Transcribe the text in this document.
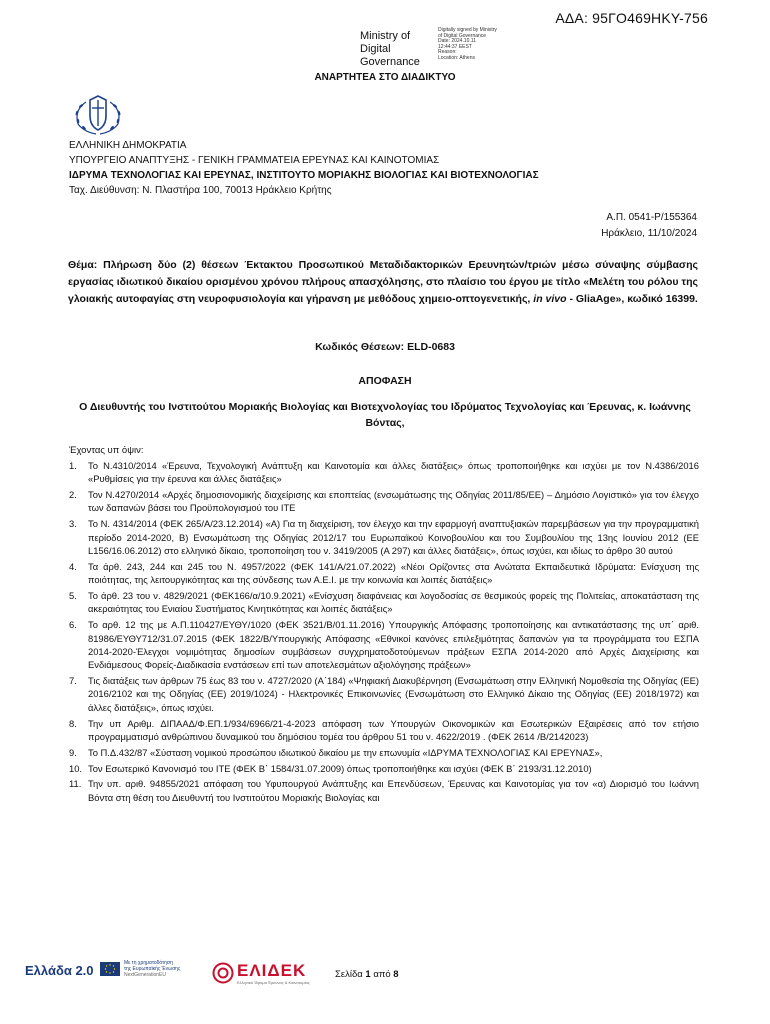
ΑΔΑ: 95ΓΟ469ΗΚΥ-756
Ministry of
Digital
Governance
Digitally signed by Ministry
of Digital Governance
Date: 2024.10.11
12:44:37 EEST
Reason:
Location: Athens
ΑΝΑΡΤΗΤΕΑ ΣΤΟ ΔΙΑΔΙΚΤΥΟ
ΕΛΛΗΝΙΚΗ ΔΗΜΟΚΡΑΤΙΑ
ΥΠΟΥΡΓΕΙΟ ΑΝΑΠΤΥΞΗΣ - ΓΕΝΙΚΗ ΓΡΑΜΜΑΤΕΙΑ ΕΡΕΥΝΑΣ ΚΑΙ ΚΑΙΝΟΤΟΜΙΑΣ
ΙΔΡΥΜΑ ΤΕΧΝΟΛΟΓΙΑΣ ΚΑΙ ΕΡΕΥΝΑΣ, ΙΝΣΤΙΤΟΥΤΟ ΜΟΡΙΑΚΗΣ ΒΙΟΛΟΓΙΑΣ ΚΑΙ ΒΙΟΤΕΧΝΟΛΟΓΙΑΣ
Ταχ. Διεύθυνση: Ν. Πλαστήρα 100, 70013 Ηράκλειο Κρήτης
Α.Π. 0541-Ρ/155364
Ηράκλειο, 11/10/2024
Θέμα: Πλήρωση δύο (2) θέσεων Έκτακτου Προσωπικού Μεταδιδακτορικών Ερευνητών/τριών μέσω σύναψης σύμβασης εργασίας ιδιωτικού δικαίου ορισμένου χρόνου πλήρους απασχόλησης, στο πλαίσιο του έργου με τίτλο «Μελέτη του ρόλου της γλοιακής αυτοφαγίας στη νευροφυσιολογία και γήρανση με μεθόδους χημειο-οπτογενετικής, in vivo - GliaAge», κωδικό 16399.
Κωδικός Θέσεων: ELD-0683
ΑΠΟΦΑΣΗ
Ο Διευθυντής του Ινστιτούτου Μοριακής Βιολογίας και Βιοτεχνολογίας του Ιδρύματος Τεχνολογίας και Έρευνας, κ. Ιωάννης Βόντας,
Έχοντας υπ όψιν:
1. Το Ν.4310/2014 «Έρευνα, Τεχνολογική Ανάπτυξη και Καινοτομία και άλλες διατάξεις» όπως τροποποιήθηκε και ισχύει με τον Ν.4386/2016 «Ρυθμίσεις για την έρευνα και άλλες διατάξεις»
2. Τον Ν.4270/2014 «Αρχές δημοσιονομικής διαχείρισης και εποπτείας (ενσωμάτωσης της Οδηγίας 2011/85/ΕΕ) – Δημόσιο Λογιστικό» για τον έλεγχο των δαπανών βάσει του Προϋπολογισμού του ΙΤΕ
3. Το Ν. 4314/2014 (ΦΕΚ 265/Α/23.12.2014) «Α) Για τη διαχείριση, τον έλεγχο και την εφαρμογή αναπτυξιακών παρεμβάσεων για την προγραμματική περίοδο 2014-2020, Β) Ενσωμάτωση της Οδηγίας 2012/17 του Ευρωπαϊκού Κοινοβουλίου και του Συμβουλίου της 13ης Ιουνίου 2012 (ΕΕ L156/16.06.2012) στο ελληνικό δίκαιο, τροποποίηση του ν. 3419/2005 (Α 297) και άλλες διατάξεις», όπως ισχύει, και ιδίως το άρθρο 30 αυτού
4. Τα άρθ. 243, 244 και 245 του Ν. 4957/2022 (ΦΕΚ 141/Α/21.07.2022) «Νέοι Ορίζοντες στα Ανώτατα Εκπαιδευτικά Ιδρύματα: Ενίσχυση της ποιότητας, της λειτουργικότητας και της σύνδεσης των Α.Ε.Ι. με την κοινωνία και λοιπές διατάξεις»
5. Το άρθ. 23 του ν. 4829/2021 (ΦΕΚ166/α/10.9.2021) «Ενίσχυση διαφάνειας και λογοδοσίας σε θεσμικούς φορείς της Πολιτείας, αποκατάσταση της ακεραιότητας του Ενιαίου Συστήματος Κινητικότητας και λοιπές διατάξεις»
6. Το αρθ. 12 της με Α.Π.110427/ΕΥΘΥ/1020 (ΦΕΚ 3521/Β/01.11.2016) Υπουργικής Απόφασης τροποποίησης και αντικατάστασης της υπ΄ αριθ. 81986/ΕΥΘΥ712/31.07.2015 (ΦΕΚ 1822/Β/Υπουργικής Απόφασης «Εθνικοί κανόνες επιλεξιμότητας δαπανών για τα προγράμματα του ΕΣΠΑ 2014-2020-Έλεγχοι νομιμότητας δημοσίων συμβάσεων συγχρηματοδοτούμενων πράξεων ΕΣΠΑ 2014-2020 από Αρχές Διαχείρισης και Ενδιάμεσους Φορείς-Διαδικασία ενστάσεων επί των αποτελεσμάτων αξιολόγησης πράξεων»
7. Τις διατάξεις των άρθρων 75 έως 83 του ν. 4727/2020 (Α΄184) «Ψηφιακή Διακυβέρνηση (Ενσωμάτωση στην Ελληνική Νομοθεσία της Οδηγίας (ΕΕ) 2016/2102 και της Οδηγίας (ΕΕ) 2019/1024) - Ηλεκτρονικές Επικοινωνίες (Ενσωμάτωση στο Ελληνικό Δίκαιο της Οδηγίας (ΕΕ) 2018/1972) και άλλες διατάξεις», όπως ισχύει.
8. Την υπ Αριθμ. ΔΙΠΑΑΔ/Φ.ΕΠ.1/934/6966/21-4-2023 απόφαση των Υπουργών Οικονομικών και Εσωτερικών Εξαιρέσεις από τον ετήσιο προγραμματισμό ανθρώπινου δυναμικού του δημόσιου τομέα του άρθρου 51 του ν. 4622/2019 . (ΦΕΚ 2614 /Β/2142023)
9. Το Π.Δ.432/87 «Σύσταση νομικού προσώπου ιδιωτικού δικαίου με την επωνυμία «ΙΔΡΥΜΑ ΤΕΧΝΟΛΟΓΙΑΣ ΚΑΙ ΕΡΕΥΝΑΣ»,
10. Τον Εσωτερικό Κανονισμό του ΙΤΕ (ΦΕΚ Β΄ 1584/31.07.2009) όπως τροποποιήθηκε και ισχύει (ΦΕΚ Β΄ 2193/31.12.2010)
11. Την υπ. αριθ. 94855/2021 απόφαση του Υφυπουργού Ανάπτυξης και Επενδύσεων, Έρευνας και Καινοτομίας για τον «α) Διορισμό του Ιωάννη Βόντα στη θέση του Διευθυντή του Ινστιτούτου Μοριακής Βιολογίας και
Ελλάδα 2.0	Με τη χρηματοδότηση
της Ευρωπαϊκής Ένωσης
NextGenerationEU	ΕΛΙΔΕΚ
Ελληνικό Ίδρυμα Έρευνας & Καινοτομίας
Σελίδα 1 από 8
